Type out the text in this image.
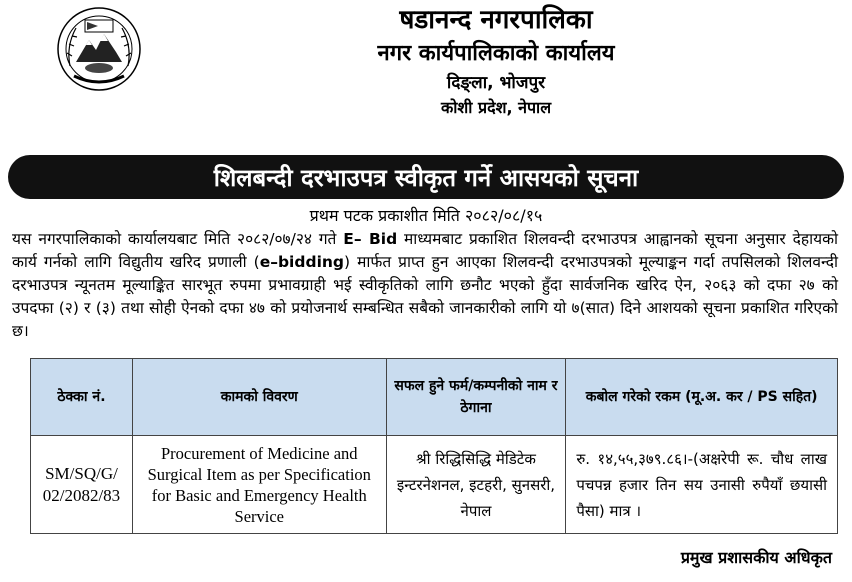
षडानन्द नगरपालिका
नगर कार्यपालिकाको कार्यालय
दिङ्ला, भोजपुर
कोशी प्रदेश, नेपाल
शिलबन्दी दरभाउपत्र स्वीकृत गर्ने आसयको सूचना
प्रथम पटक प्रकाशीत मिति २०८२/०८/१५
यस नगरपालिकाको कार्यालयबाट मिति २०८२/०७/२४ गते E– Bid माध्यमबाट प्रकाशित शिलवन्दी दरभाउपत्र आह्वानको सूचना अनुसार देहायको कार्य गर्नको लागि विद्युतीय खरिद प्रणाली (e–bidding) मार्फत प्राप्त हुन आएका शिलवन्दी दरभाउपत्रको मूल्याङ्कन गर्दा तपसिलको शिलवन्दी दरभाउपत्र न्यूनतम मूल्याङ्कित सारभूत रुपमा प्रभावग्राही भई स्वीकृतिको लागि छनौट भएको हुँदा सार्वजनिक खरिद ऐन, २०६३ को दफा २७ को उपदफा (२) र (३) तथा सोही ऐनको दफा ४७ को प्रयोजनार्थ सम्बन्धित सबैको जानकारीको लागि यो ७(सात) दिने आशयको सूचना प्रकाशित गरिएको छ।
ठेक्का नं.	कामको विवरण	सफल हुने फर्म/कम्पनीको नाम र ठेगाना	कबोल गरेको रकम (मू.अ. कर / PS सहित)
SM/SQ/G/ 02/2082/83	Procurement of Medicine and Surgical Item as per Specification for Basic and Emergency Health Service	श्री रिद्धिसिद्धि मेडिटेक इन्टरनेशनल, इटहरी, सुनसरी, नेपाल	रु. १४,५५,३७९.८६।-(अक्षरेपी रू. चौध लाख पचपन्न हजार तिन सय उनासी रुपैयाँ छयासी पैसा) मात्र ।
प्रमुख प्रशासकीय अधिकृत
